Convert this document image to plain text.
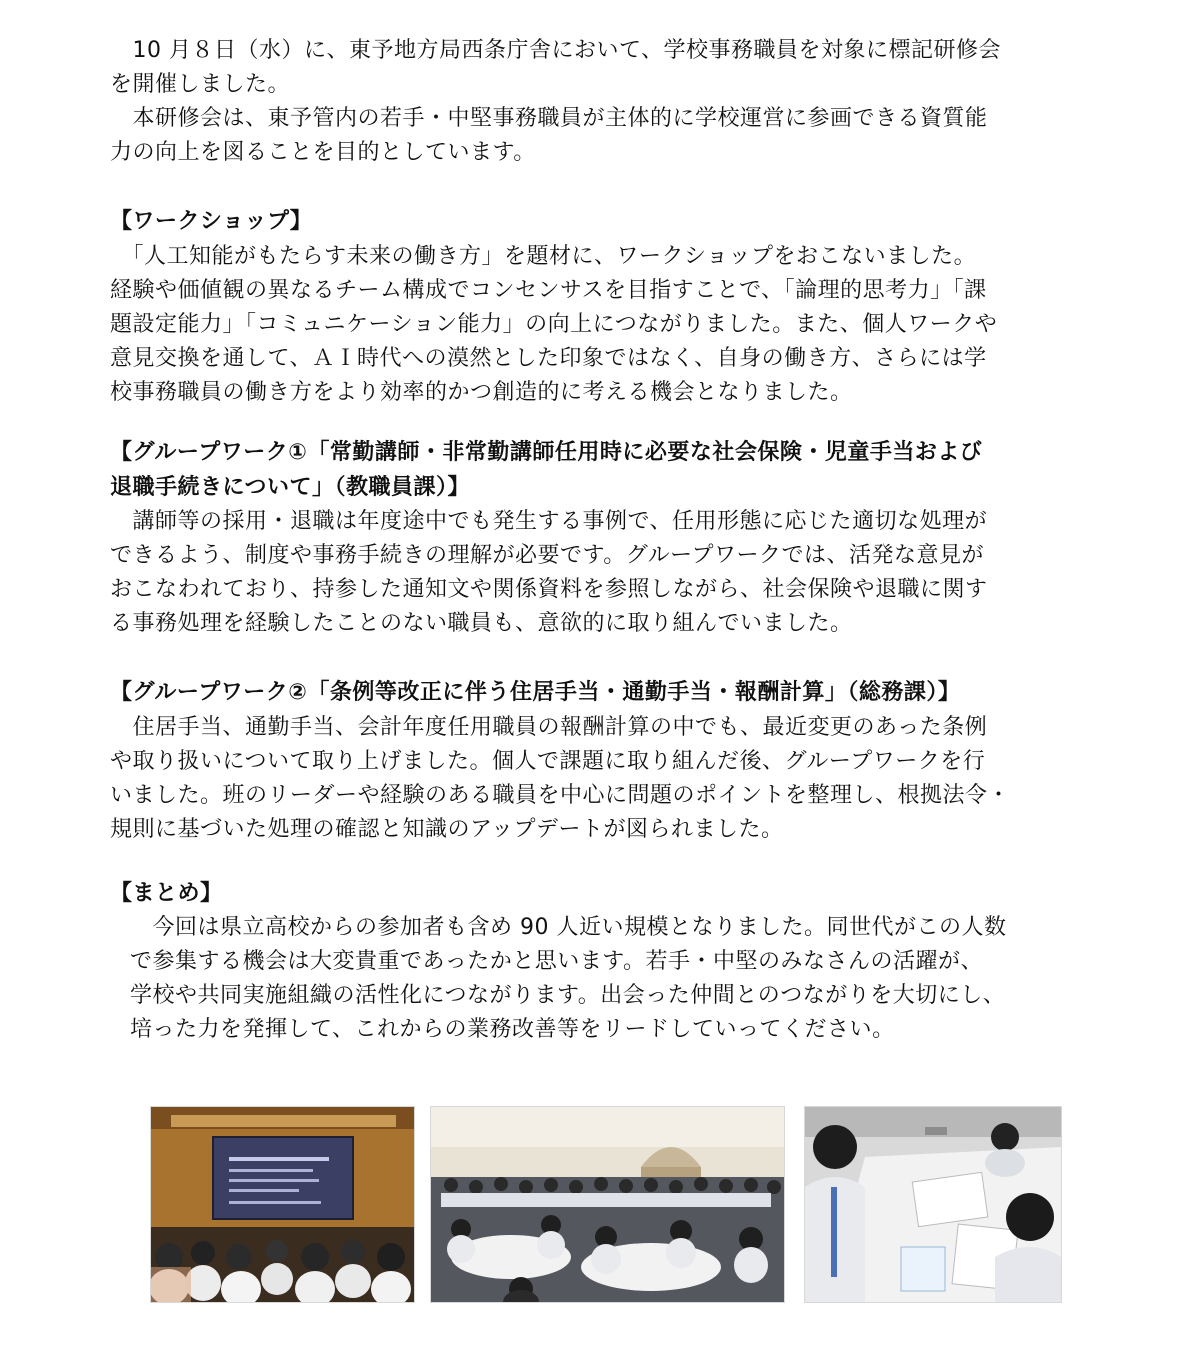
　10 月８日（水）に、東予地方局西条庁舎において、学校事務職員を対象に標記研修会
を開催しました。
　本研修会は、東予管内の若手・中堅事務職員が主体的に学校運営に参画できる資質能
力の向上を図ることを目的としています。
【ワークショップ】
　「人工知能がもたらす未来の働き方」を題材に、ワークショップをおこないました。
経験や価値観の異なるチーム構成でコンセンサスを目指すことで、「論理的思考力」「課
題設定能力」「コミュニケーション能力」の向上につながりました。また、個人ワークや
意見交換を通して、ＡＩ時代への漠然とした印象ではなく、自身の働き方、さらには学
校事務職員の働き方をより効率的かつ創造的に考える機会となりました。
【グループワーク①「常勤講師・非常勤講師任用時に必要な社会保険・児童手当および
退職手続きについて」（教職員課）】
　講師等の採用・退職は年度途中でも発生する事例で、任用形態に応じた適切な処理が
できるよう、制度や事務手続きの理解が必要です。グループワークでは、活発な意見が
おこなわれており、持参した通知文や関係資料を参照しながら、社会保険や退職に関す
る事務処理を経験したことのない職員も、意欲的に取り組んでいました。
【グループワーク②「条例等改正に伴う住居手当・通勤手当・報酬計算」（総務課）】
　住居手当、通勤手当、会計年度任用職員の報酬計算の中でも、最近変更のあった条例
や取り扱いについて取り上げました。個人で課題に取り組んだ後、グループワークを行
いました。班のリーダーや経験のある職員を中心に問題のポイントを整理し、根拠法令・
規則に基づいた処理の確認と知識のアップデートが図られました。
【まとめ】
　今回は県立高校からの参加者も含め 90 人近い規模となりました。同世代がこの人数
で参集する機会は大変貴重であったかと思います。若手・中堅のみなさんの活躍が、
学校や共同実施組織の活性化につながります。出会った仲間とのつながりを大切にし、
培った力を発揮して、これからの業務改善等をリードしていってください。
